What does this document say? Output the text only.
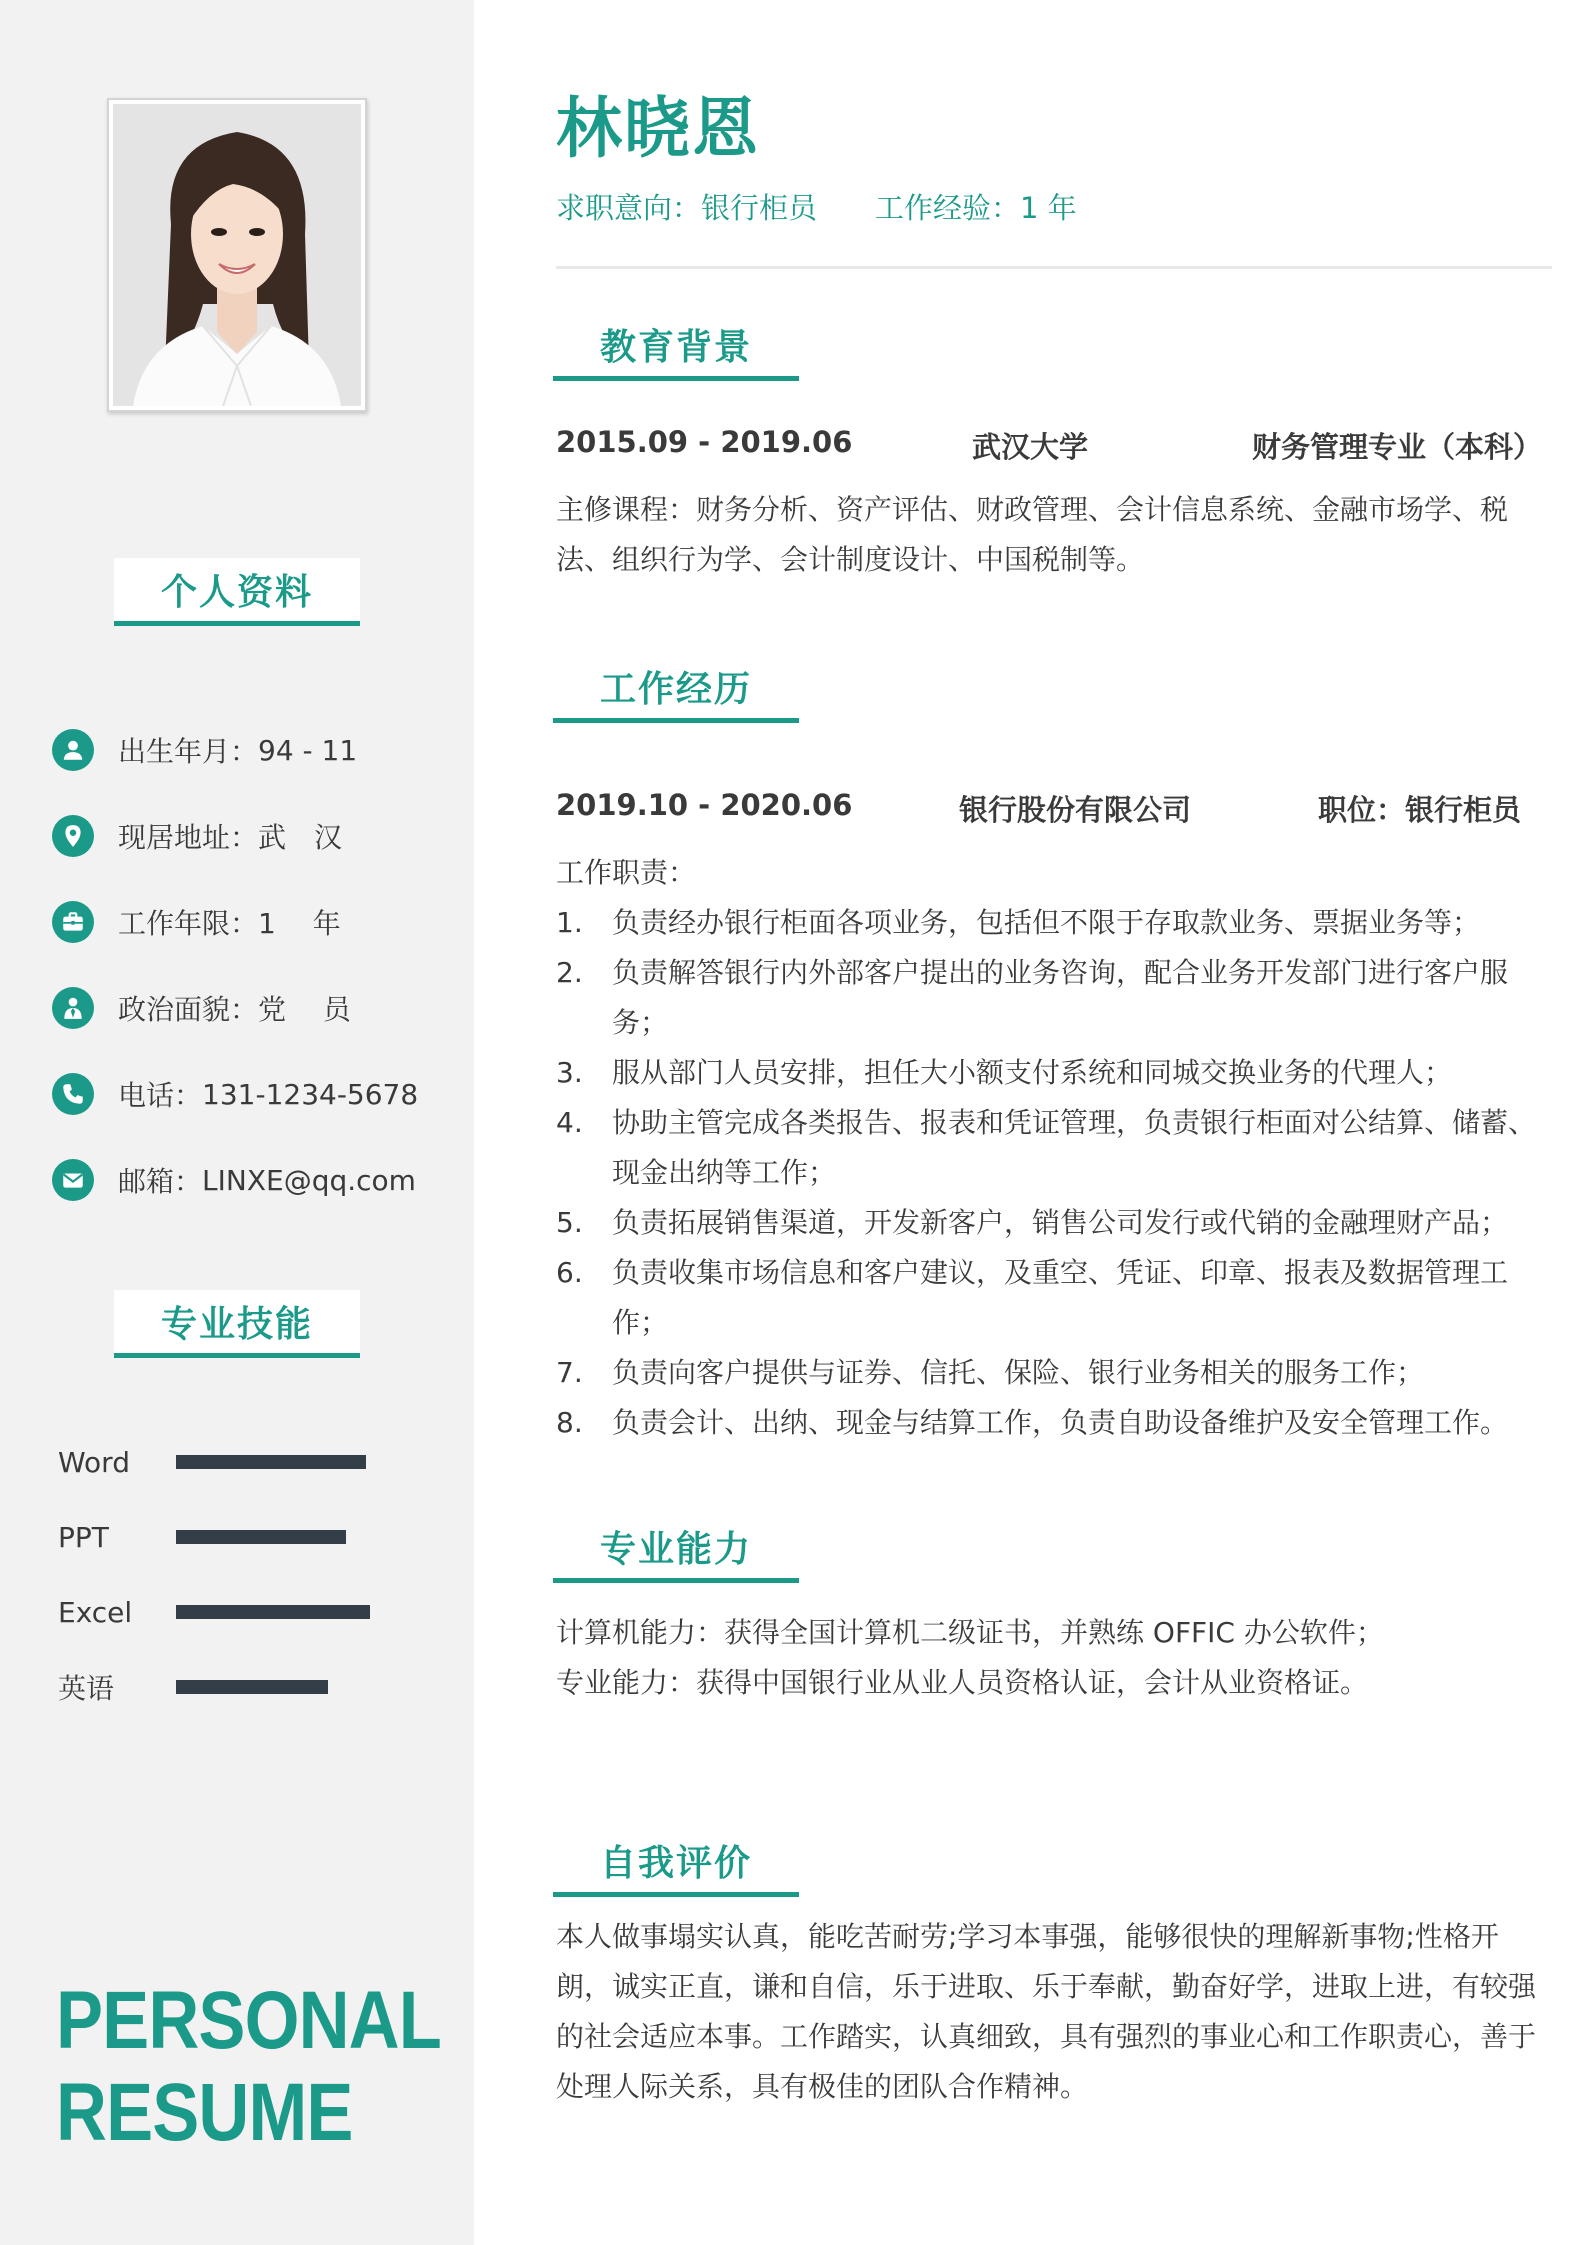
个人资料
出生年月： 94 - 11
现居地址： 武　汉
工作年限： 1　 年
政治面貌： 党　 员
电话： 131-1234-5678
邮箱： LINXE@qq.com
专业技能
Word
PPT
Excel
英语
PERSONAL
RESUME
林晓恩
求职意向：银行柜员 工作经验：1 年
教育背景
2015.09 - 2019.06	武汉大学	财务管理专业（本科）
主修课程：财务分析、资产评估、财政管理、会计信息系统、金融市场学、税法、组织行为学、会计制度设计、中国税制等。
工作经历
2019.10 - 2020.06	银行股份有限公司	职位：银行柜员
工作职责：
1. 负责经办银行柜面各项业务，包括但不限于存取款业务、票据业务等；
2. 负责解答银行内外部客户提出的业务咨询，配合业务开发部门进行客户服务；
3. 服从部门人员安排，担任大小额支付系统和同城交换业务的代理人；
4. 协助主管完成各类报告、报表和凭证管理，负责银行柜面对公结算、储蓄、现金出纳等工作；
5. 负责拓展销售渠道，开发新客户，销售公司发行或代销的金融理财产品；
6. 负责收集市场信息和客户建议，及重空、凭证、印章、报表及数据管理工作；
7. 负责向客户提供与证券、信托、保险、银行业务相关的服务工作；
8. 负责会计、出纳、现金与结算工作，负责自助设备维护及安全管理工作。
专业能力
计算机能力：获得全国计算机二级证书，并熟练 OFFIC 办公软件；
专业能力：获得中国银行业从业人员资格认证，会计从业资格证。
自我评价
本人做事塌实认真，能吃苦耐劳;学习本事强，能够很快的理解新事物;性格开朗，诚实正直，谦和自信，乐于进取、乐于奉献，勤奋好学，进取上进，有较强的社会适应本事。工作踏实，认真细致，具有强烈的事业心和工作职责心，善于处理人际关系，具有极佳的团队合作精神。
